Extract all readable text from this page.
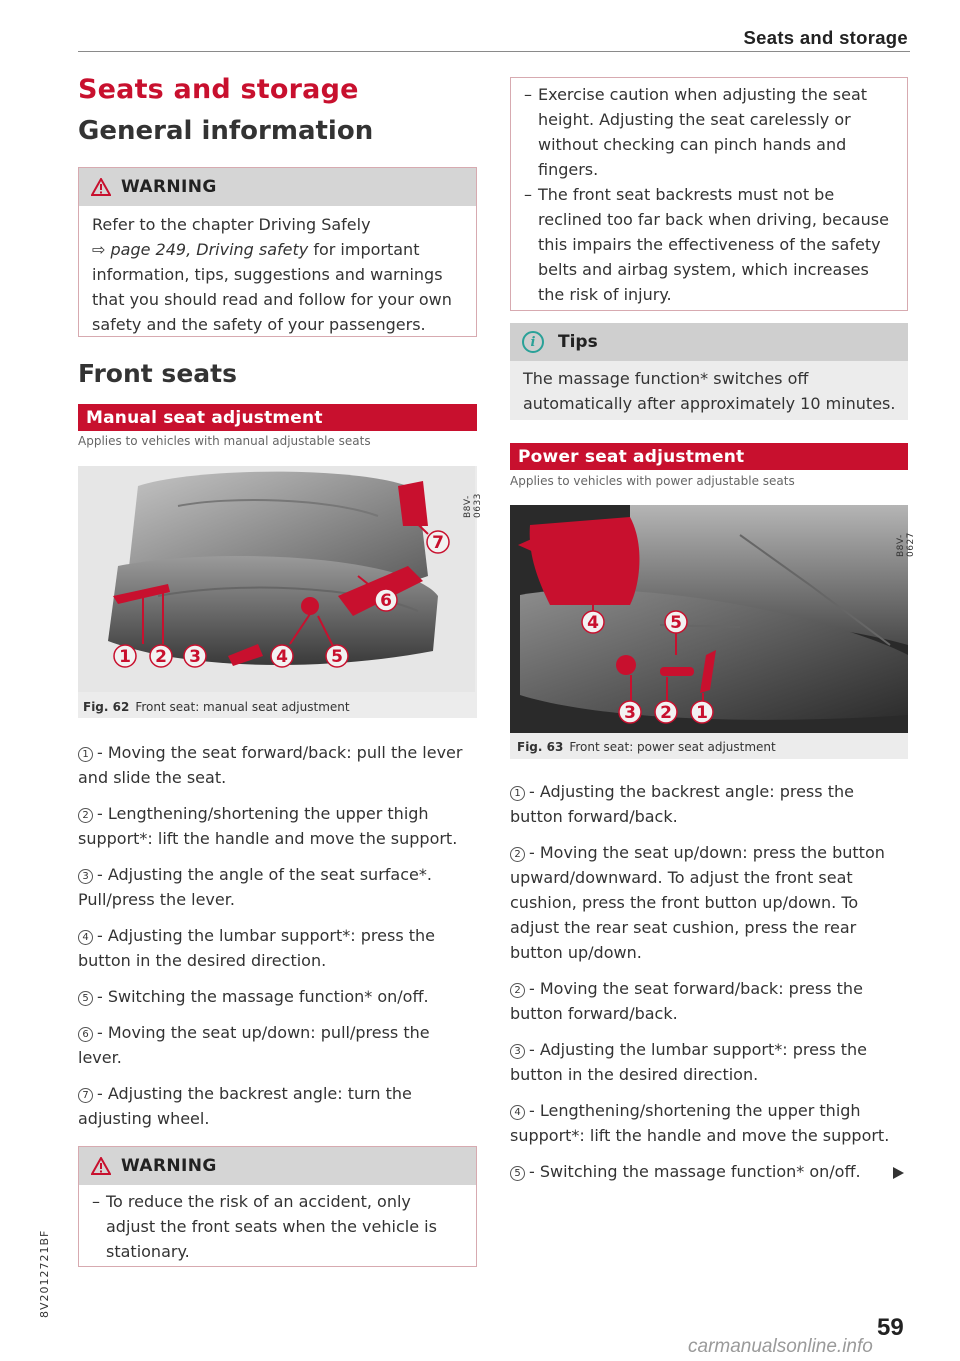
Seats and storage
Seats and storage
General information
WARNING
Refer to the chapter Driving Safely
⇨ page 249, Driving safety for important information, tips, suggestions and warnings that you should read and follow for your own safety and the safety of your passengers.
Front seats
Manual seat adjustment
Applies to vehicles with manual adjustable seats
1 2 3	4	5
6
7
B8V-0633
Fig. 62 Front seat: manual seat adjustment
1 - Moving the seat forward/back: pull the lever and slide the seat.
2 - Lengthening/shortening the upper thigh support*: lift the handle and move the support.
3 - Adjusting the angle of the seat surface*. Pull/press the lever.
4 - Adjusting the lumbar support*: press the button in the desired direction.
5 - Switching the massage function* on/off.
6 - Moving the seat up/down: pull/press the lever.
7 - Adjusting the backrest angle: turn the adjusting wheel.
WARNING
– To reduce the risk of an accident, only adjust the front seats when the vehicle is stationary.
– Exercise caution when adjusting the seat height. Adjusting the seat carelessly or without checking can pinch hands and fingers.
– The front seat backrests must not be reclined too far back when driving, because this impairs the effectiveness of the safety belts and airbag system, which increases the risk of injury.
i	Tips
The massage function* switches off automatically after approximately 10 minutes.
Power seat adjustment
Applies to vehicles with power adjustable seats
3 2 1
4	5
B8V-0627
Fig. 63 Front seat: power seat adjustment
1 - Adjusting the backrest angle: press the button forward/back.
2 - Moving the seat up/down: press the button upward/downward. To adjust the front seat cushion, press the front button up/down. To adjust the rear seat cushion, press the rear button up/down.
2 - Moving the seat forward/back: press the button forward/back.
3 - Adjusting the lumbar support*: press the button in the desired direction.
4 - Lengthening/shortening the upper thigh support*: lift the handle and move the support.
5 - Switching the massage function* on/off.
8V2012721BF
59
carmanualsonline.info
